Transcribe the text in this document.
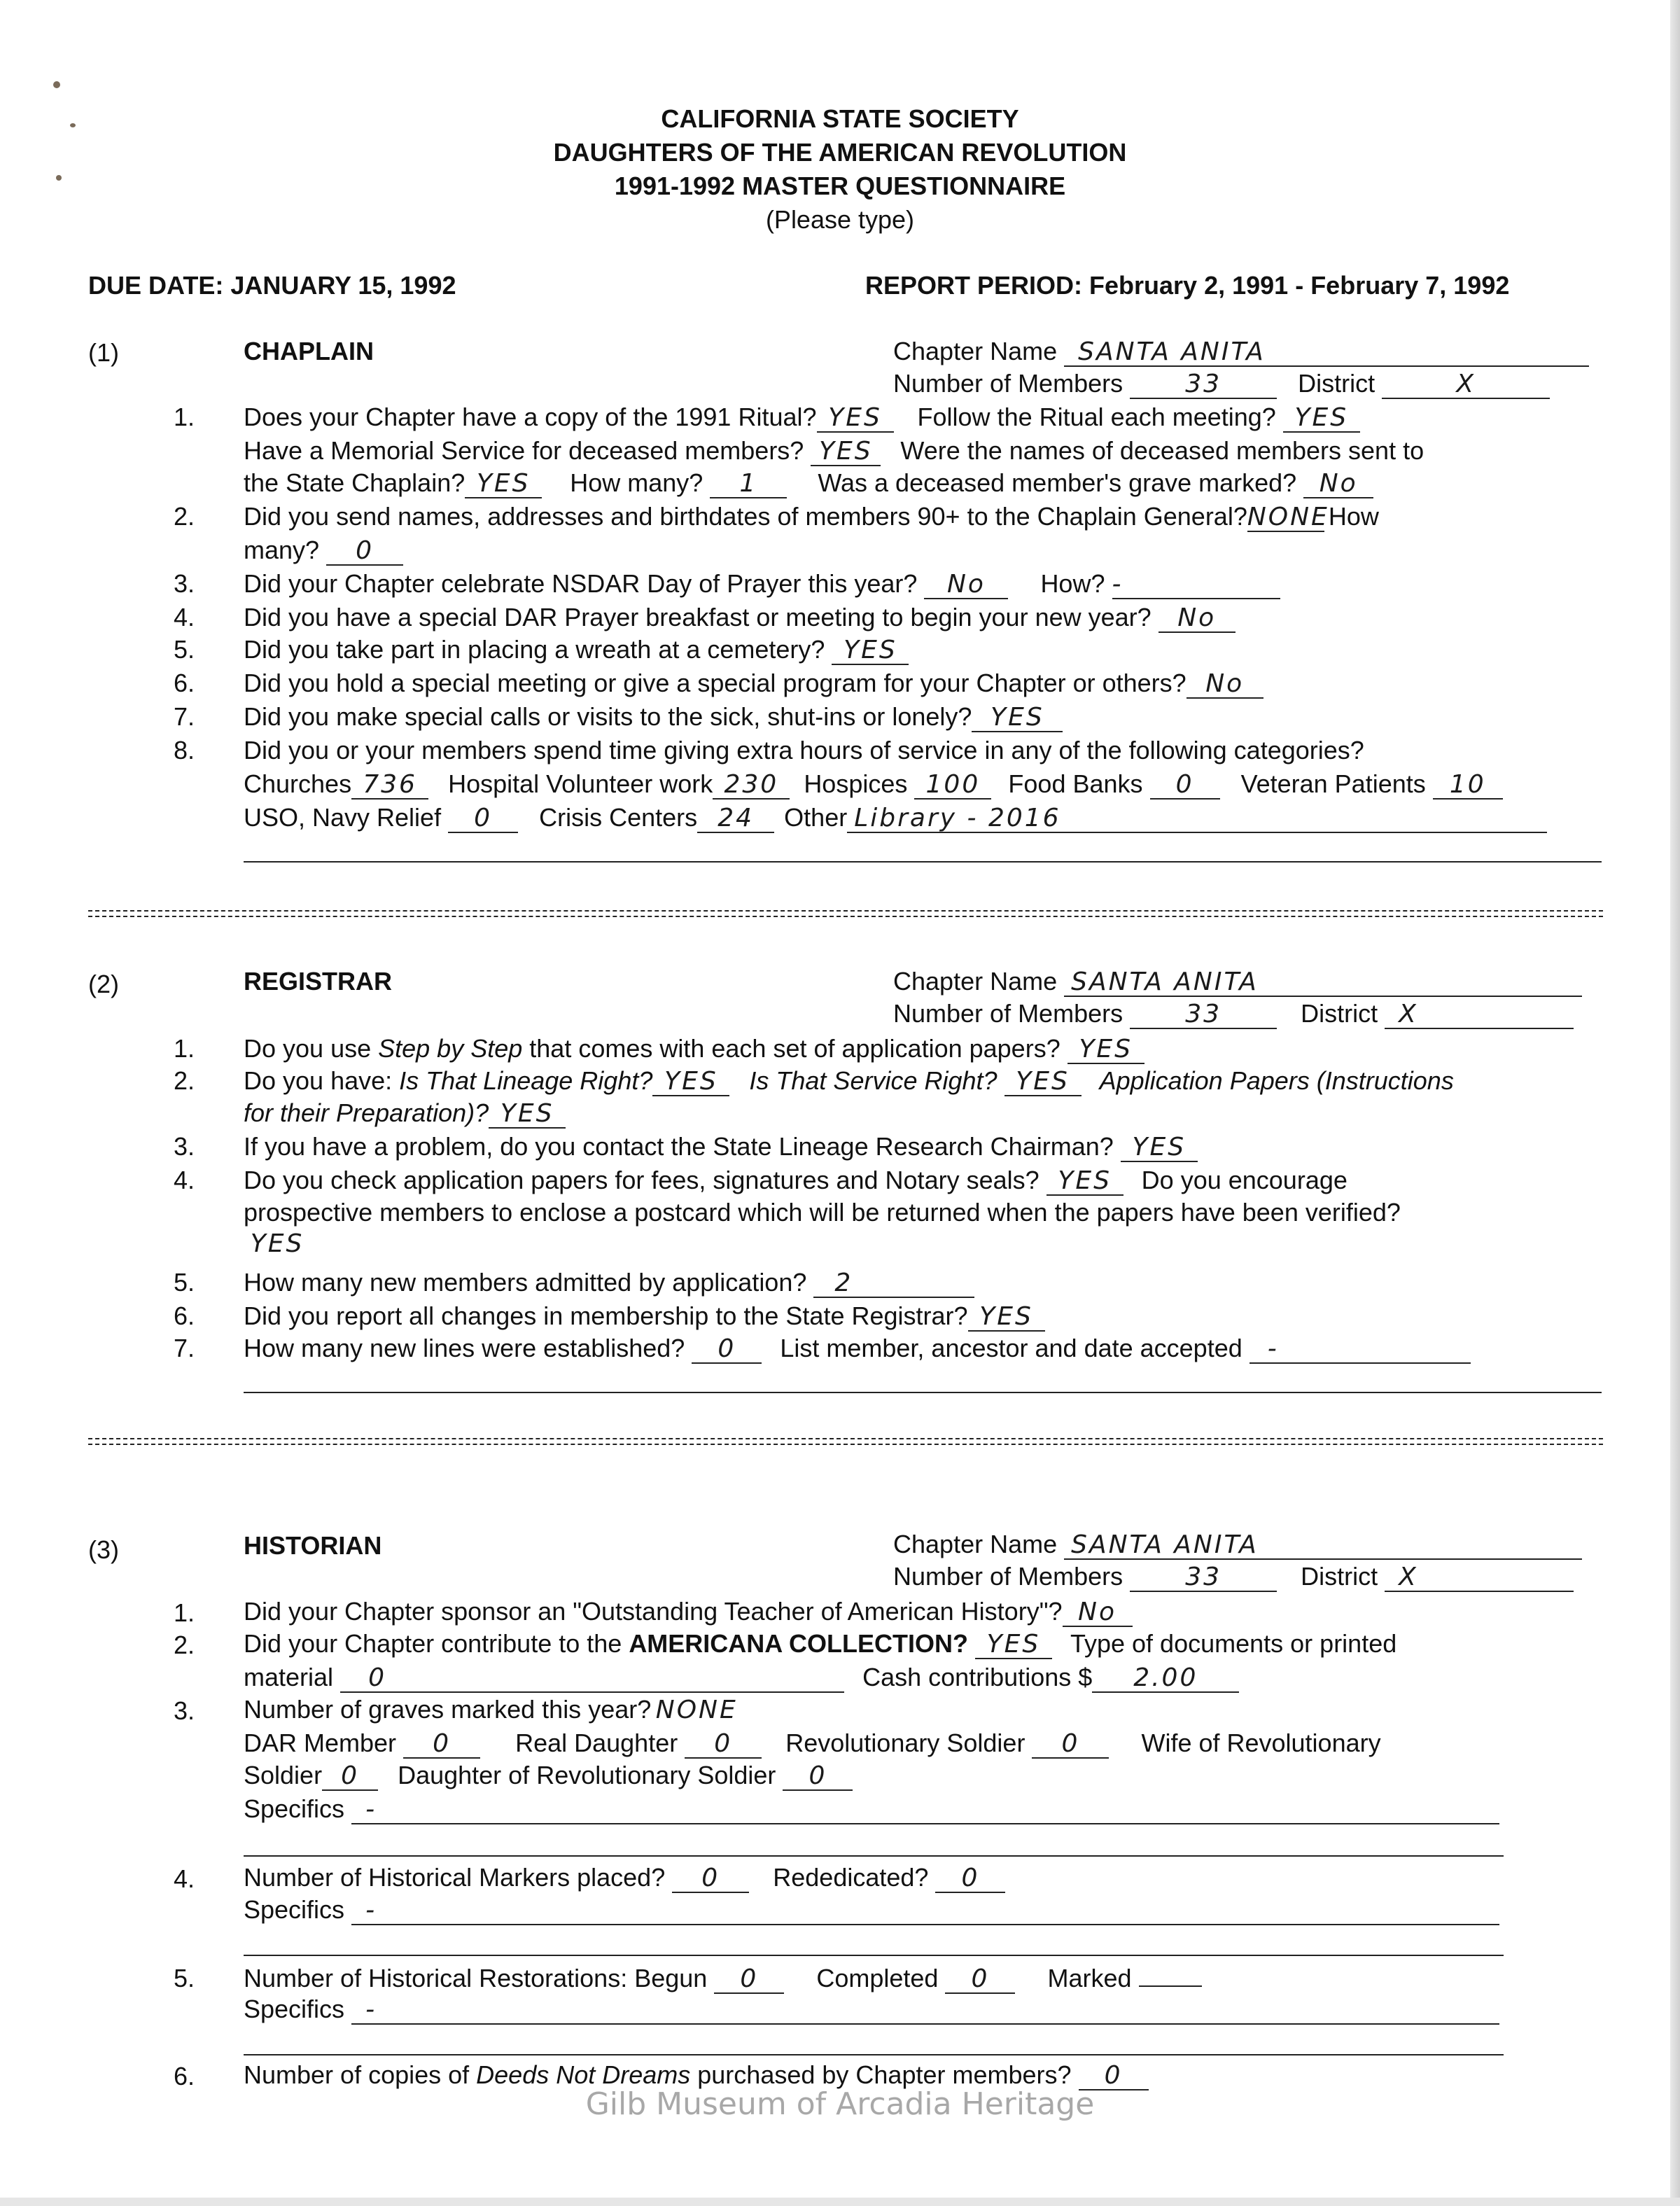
CALIFORNIA STATE SOCIETY
DAUGHTERS OF THE AMERICAN REVOLUTION
1991-1992 MASTER QUESTIONNAIRE
(Please type)
DUE DATE: JANUARY 15, 1992	REPORT PERIOD: February 2, 1991 - February 7, 1992
(1)	CHAPLAIN	Chapter Name SANTA ANITA
Number of Members 33	District	X
1. Does your Chapter have a copy of the 1991 Ritual? YES Follow the Ritual each meeting? YES
Have a Memorial Service for deceased members? YES Were the names of deceased members sent to
the State Chaplain? YES How many? 1 Was a deceased member's grave marked? No
2. Did you send names, addresses and birthdates of members 90+ to the Chaplain General?NONEHow
many? 0
3. Did your Chapter celebrate NSDAR Day of Prayer this year? No How? -
4. Did you have a special DAR Prayer breakfast or meeting to begin your new year? No
5. Did you take part in placing a wreath at a cemetery? YES
6. Did you hold a special meeting or give a special program for your Chapter or others? No
7. Did you make special calls or visits to the sick, shut-ins or lonely? YES
8. Did you or your members spend time giving extra hours of service in any of the following categories?
Churches 736 Hospital Volunteer work 230 Hospices 100 Food Banks 0 Veteran Patients 10
USO, Navy Relief 0 Crisis Centers 24 Other Library - 2016
(2)	REGISTRAR	Chapter Name SANTA ANITA
Number of Members 33	District X
1. Do you use Step by Step that comes with each set of application papers? YES
2. Do you have: Is That Lineage Right? YES Is That Service Right? YES Application Papers (Instructions
for their Preparation)? YES
3. If you have a problem, do you contact the State Lineage Research Chairman? YES
4. Do you check application papers for fees, signatures and Notary seals? YES Do you encourage
prospective members to enclose a postcard which will be returned when the papers have been verified?
YES
5. How many new members admitted by application? 2
6. Did you report all changes in membership to the State Registrar? YES
7. How many new lines were established? 0 List member, ancestor and date accepted -
(3)	HISTORIAN	Chapter Name SANTA ANITA
Number of Members 33	District X
1. Did your Chapter sponsor an "Outstanding Teacher of American History"? No
2. Did your Chapter contribute to the AMERICANA COLLECTION? YES Type of documents or printed
material 0	Cash contributions $ 2.00
3. Number of graves marked this year? NONE
DAR Member 0	Real Daughter 0 Revolutionary Soldier 0 Wife of Revolutionary
Soldier 0 Daughter of Revolutionary Soldier 0
Specifics -
4. Number of Historical Markers placed? 0 Rededicated? 0
Specifics -
5. Number of Historical Restorations: Begun 0 Completed 0 Marked
Specifics -
6. Number of copies of Deeds Not Dreams purchased by Chapter members? 0
Gilb Museum of Arcadia Heritage
